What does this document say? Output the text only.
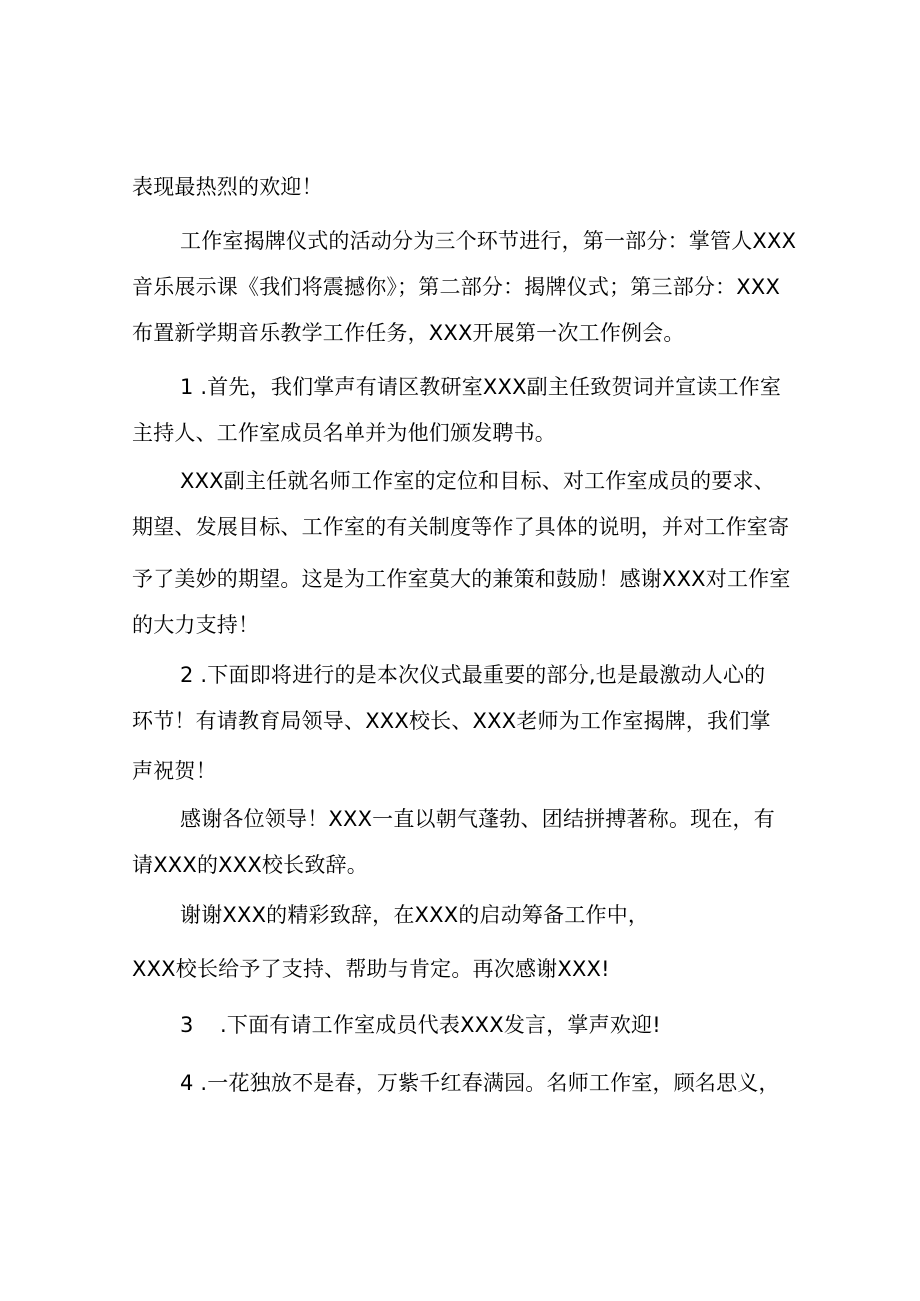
表现最热烈的欢迎！
工作室揭牌仪式的活动分为三个环节进行，第一部分：掌管人XXX
音乐展示课《我们将震撼你》；第二部分：揭牌仪式；第三部分：XXX
布置新学期音乐教学工作任务，XXX开展第一次工作例会。
1 .首先，我们掌声有请区教研室XXX副主任致贺词并宣读工作室
主持人、工作室成员名单并为他们颁发聘书。
XXX副主任就名师工作室的定位和目标、对工作室成员的要求、
期望、发展目标、工作室的有关制度等作了具体的说明，并对工作室寄
予了美妙的期望。这是为工作室莫大的兼策和鼓励！感谢XXX对工作室
的大力支持！
2 .下面即将进行的是本次仪式最重要的部分,也是最激动人心的
环节！有请教育局领导、XXX校长、XXX老师为工作室揭牌，我们掌
声祝贺！
感谢各位领导！XXX一直以朝气蓬勃、团结拼搏著称。现在，有
请XXX的XXX校长致辞。
谢谢XXX的精彩致辞，在XXX的启动筹备工作中，
XXX校长给予了支持、帮助与肯定。再次感谢XXX!
3 .下面有请工作室成员代表XXX发言，掌声欢迎!
4 .一花独放不是春，万紫千红春满园。名师工作室，顾名思义，
